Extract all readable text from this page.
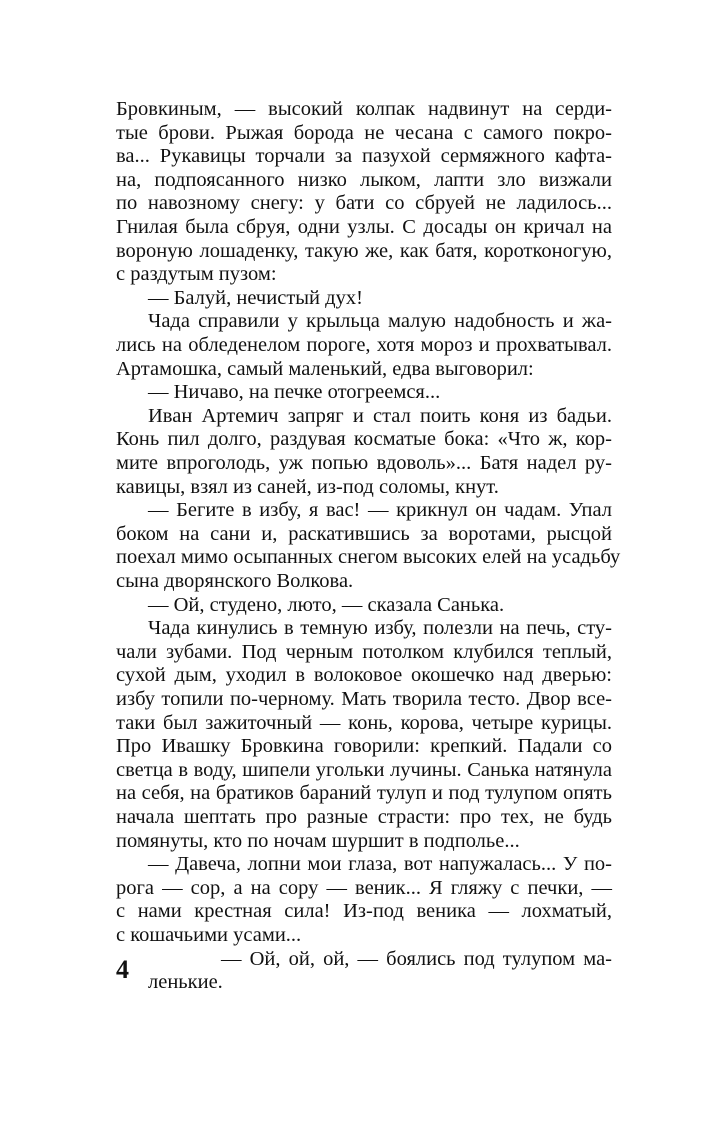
Бровкиным, — высокий колпак надвинут на серди-
тые брови. Рыжая борода не чесана с самого покро-
ва... Рукавицы торчали за пазухой сермяжного кафта-
на, подпоясанного низко лыком, лапти зло визжали
по навозному снегу: у бати со сбруей не ладилось...
Гнилая была сбруя, одни узлы. С досады он кричал на
вороную лошаденку, такую же, как батя, коротконогую,
с раздутым пузом:
— Балуй, нечистый дух!
Чада справили у крыльца малую надобность и жа-
лись на обледенелом пороге, хотя мороз и прохватывал.
Артамошка, самый маленький, едва выговорил:
— Ничаво, на печке отогреемся...
Иван Артемич запряг и стал поить коня из бадьи.
Конь пил долго, раздувая косматые бока: «Что ж, кор-
мите впроголодь, уж попью вдоволь»... Батя надел ру-
кавицы, взял из саней, из-под соломы, кнут.
— Бегите в избу, я вас! — крикнул он чадам. Упал
боком на сани и, раскатившись за воротами, рысцой
поехал мимо осыпанных снегом высоких елей на усадьбу
сына дворянского Волкова.
— Ой, студено, люто, — сказала Санька.
Чада кинулись в темную избу, полезли на печь, сту-
чали зубами. Под черным потолком клубился теплый,
сухой дым, уходил в волоковое окошечко над дверью:
избу топили по-черному. Мать творила тесто. Двор все-
таки был зажиточный — конь, корова, четыре курицы.
Про Ивашку Бровкина говорили: крепкий. Падали со
светца в воду, шипели угольки лучины. Санька натянула
на себя, на братиков бараний тулуп и под тулупом опять
начала шептать про разные страсти: про тех, не будь
помянуты, кто по ночам шуршит в подполье...
— Давеча, лопни мои глаза, вот напужалась... У по-
рога — сор, а на сору — веник... Я гляжу с печки, —
с нами крестная сила! Из-под веника — лохматый,
с кошачьими усами...
— Ой, ой, ой, — боялись под тулупом ма-
4 ленькие.
